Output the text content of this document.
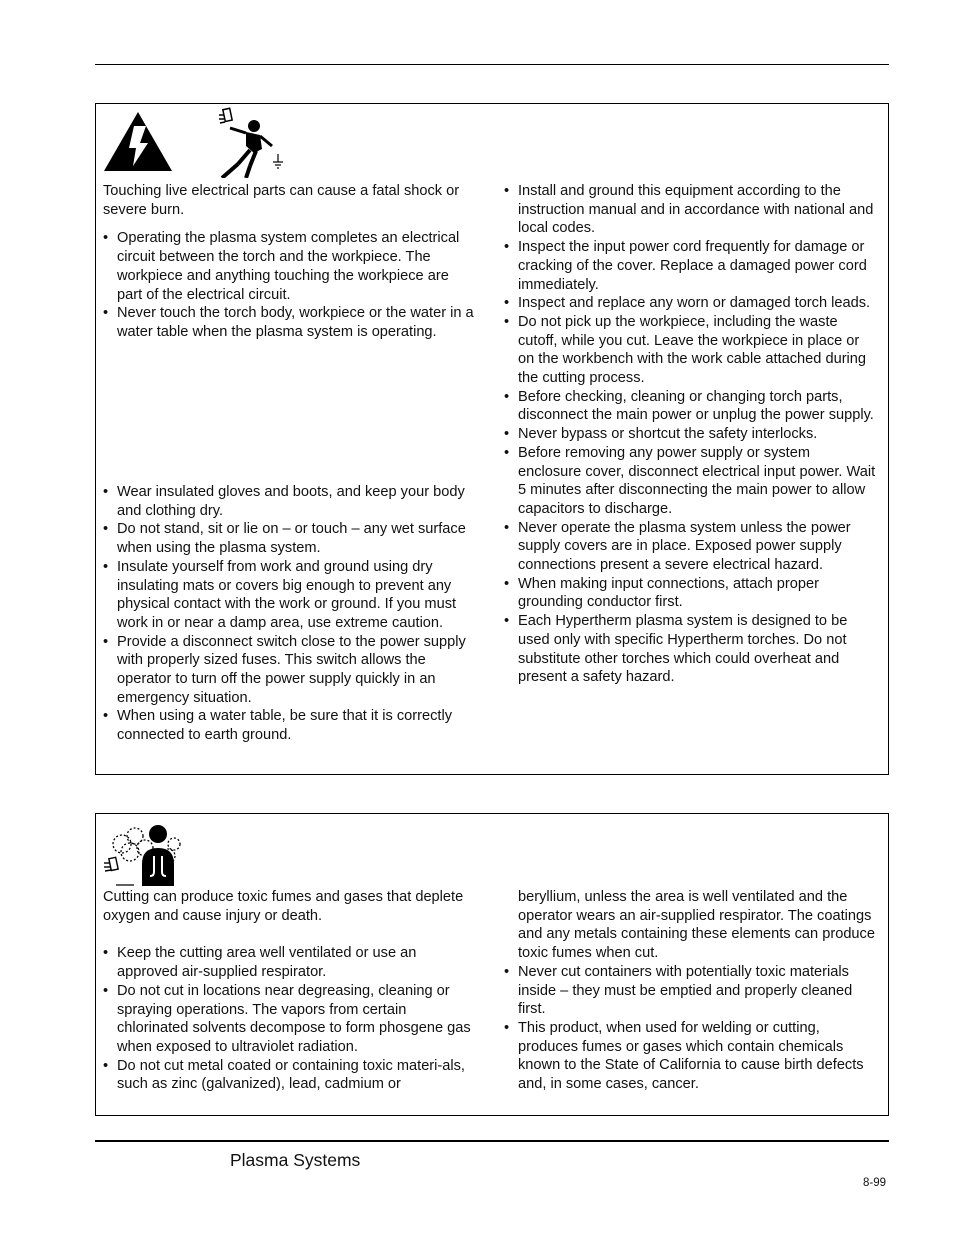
Touching live electrical parts can cause a fatal shock or severe burn.

• Operating the plasma system completes an electrical circuit between the torch and the workpiece. The workpiece and anything touching the workpiece are part of the electrical circuit.
• Never touch the torch body, workpiece or the water in a water table when the plasma system is operating.
• Wear insulated gloves and boots, and keep your body and clothing dry.
• Do not stand, sit or lie on – or touch – any wet surface when using the plasma system.
• Insulate yourself from work and ground using dry insulating mats or covers big enough to prevent any physical contact with the work or ground. If you must work in or near a damp area, use extreme caution.
• Provide a disconnect switch close to the power supply with properly sized fuses. This switch allows the operator to turn off the power supply quickly in an emergency situation.
• When using a water table, be sure that it is correctly connected to earth ground.
• Install and ground this equipment according to the instruction manual and in accordance with national and local codes.
• Inspect the input power cord frequently for damage or cracking of the cover. Replace a damaged power cord immediately.
• Inspect and replace any worn or damaged torch leads.
• Do not pick up the workpiece, including the waste cutoff, while you cut. Leave the workpiece in place or on the workbench with the work cable attached during the cutting process.
• Before checking, cleaning or changing torch parts, disconnect the main power or unplug the power supply.
• Never bypass or shortcut the safety interlocks.
• Before removing any power supply or system enclosure cover, disconnect electrical input power. Wait 5 minutes after disconnecting the main power to allow capacitors to discharge.
• Never operate the plasma system unless the power supply covers are in place. Exposed power supply connections present a severe electrical hazard.
• When making input connections, attach proper grounding conductor first.
• Each Hypertherm plasma system is designed to be used only with specific Hypertherm torches. Do not substitute other torches which could overheat and present a safety hazard.

Cutting can produce toxic fumes and gases that deplete oxygen and cause injury or death.

• Keep the cutting area well ventilated or use an approved air-supplied respirator.
• Do not cut in locations near degreasing, cleaning or spraying operations. The vapors from certain chlorinated solvents decompose to form phosgene gas when exposed to ultraviolet radiation.
• Do not cut metal coated or containing toxic materi-als, such as zinc (galvanized), lead, cadmium or

beryllium, unless the area is well ventilated and the operator wears an air-supplied respirator. The coatings and any metals containing these elements can produce toxic fumes when cut.

• Never cut containers with potentially toxic materials inside – they must be emptied and properly cleaned first.
• This product, when used for welding or cutting, produces fumes or gases which contain chemicals known to the State of California to cause birth defects and, in some cases, cancer.
Plasma Systems
8-99
